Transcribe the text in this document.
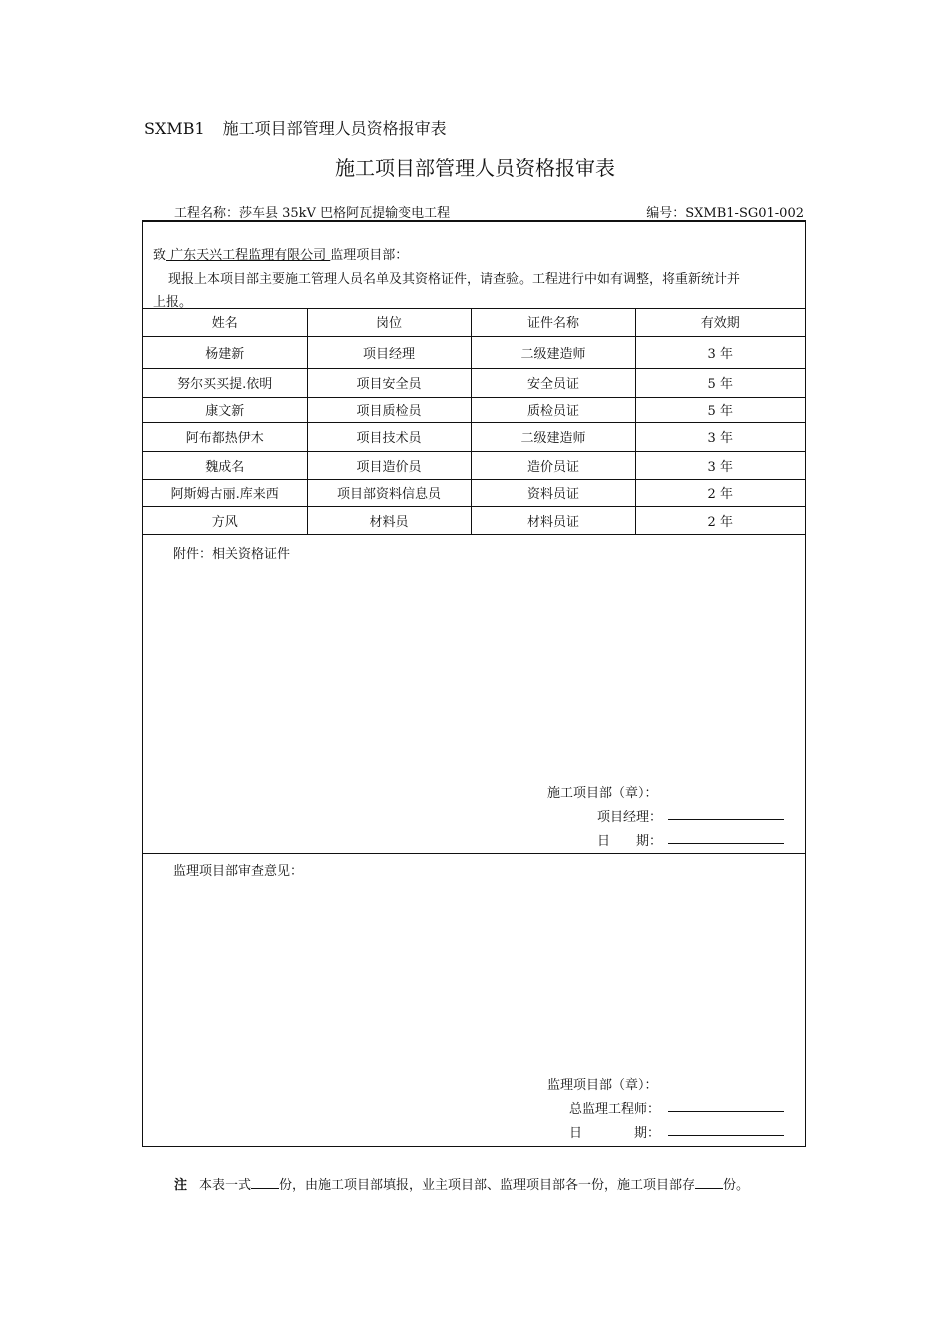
SXMB1 施工项目部管理人员资格报审表
施工项目部管理人员资格报审表
工程名称：莎车县 35kV 巴格阿瓦提输变电工程	编号：SXMB1-SG01-002
致 广东天兴工程监理有限公司 监理项目部：
现报上本项目部主要施工管理人员名单及其资格证件，请查验。工程进行中如有调整，将重新统计并
上报。
姓名	岗位	证件名称	有效期
杨建新	项目经理	二级建造师	3 年
努尔买买提.依明	项目安全员	安全员证	5 年
康文新	项目质检员	质检员证	5 年
阿布都热伊木	项目技术员	二级建造师	3 年
魏成名	项目造价员	造价员证	3 年
阿斯姆古丽.库来西	项目部资料信息员	资料员证	2 年
方风	材料员	材料员证	2 年
附件：相关资格证件
施工项目部（章）：
项目经理：
日　　期：
监理项目部审查意见：
监理项目部（章）：
总监理工程师：
日　　　　期：
注 本表一式 份，由施工项目部填报，业主项目部、监理项目部各一份，施工项目部存 份。
